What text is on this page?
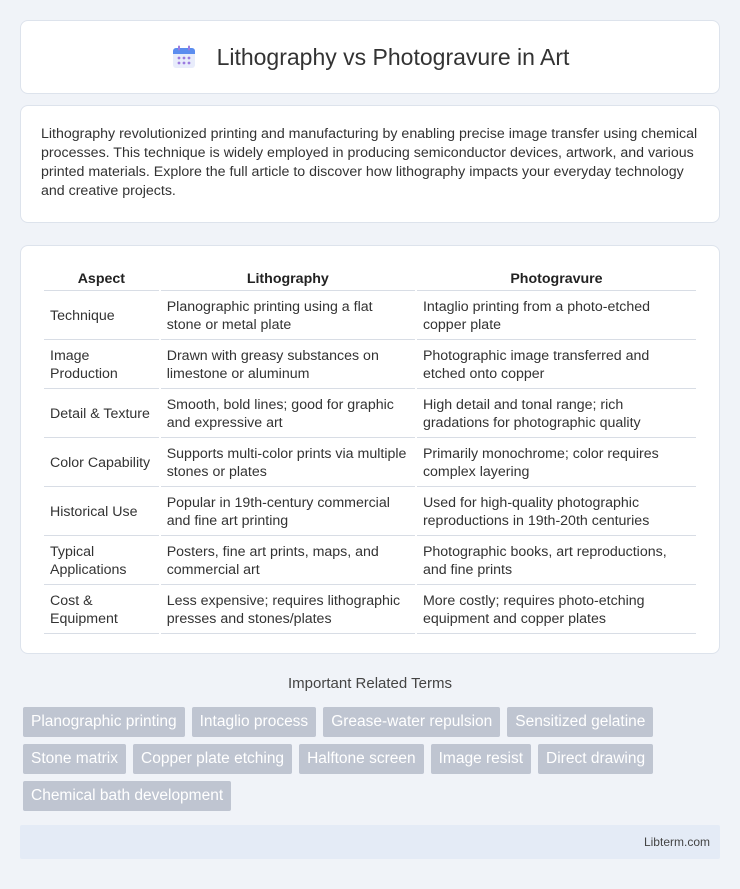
Lithography vs Photogravure in Art

Lithography revolutionized printing and manufacturing by enabling precise image transfer using chemical processes. This technique is widely employed in producing semiconductor devices, artwork, and various printed materials. Explore the full article to discover how lithography impacts your everyday technology and creative projects.

Aspect	Lithography	Photogravure
Technique	Planographic printing using a flat stone or metal plate	Intaglio printing from a photo-etched copper plate
Image Production	Drawn with greasy substances on limestone or aluminum	Photographic image transferred and etched onto copper
Detail & Texture	Smooth, bold lines; good for graphic and expressive art	High detail and tonal range; rich gradations for photographic quality
Color Capability	Supports multi-color prints via multiple stones or plates	Primarily monochrome; color requires complex layering
Historical Use	Popular in 19th-century commercial and fine art printing	Used for high-quality photographic reproductions in 19th-20th centuries
Typical Applications	Posters, fine art prints, maps, and commercial art	Photographic books, art reproductions, and fine prints
Cost & Equipment	Less expensive; requires lithographic presses and stones/plates	More costly; requires photo-etching equipment and copper plates
Important Related Terms
Planographic printing	Intaglio process	Grease-water repulsion	Sensitized gelatine
Stone matrix	Copper plate etching	Halftone screen	Image resist	Direct drawing
Chemical bath development
Libterm.com
